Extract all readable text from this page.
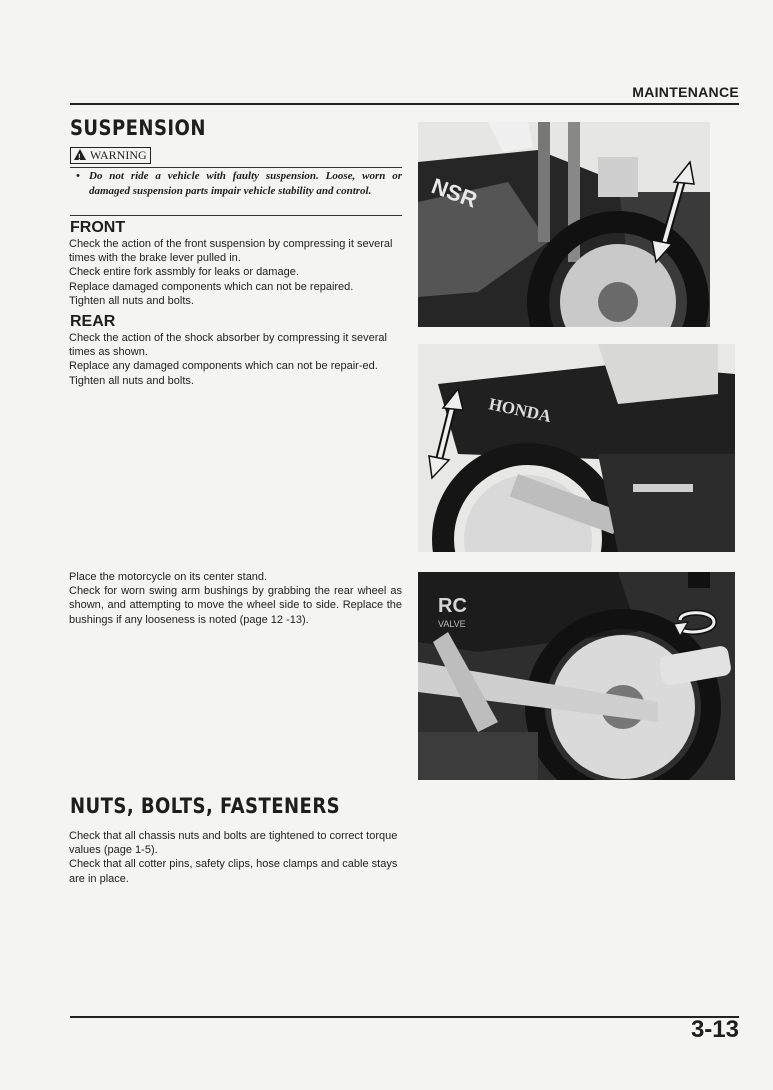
MAINTENANCE
SUSPENSION
!WARNING
• Do not ride a vehicle with faulty suspension. Loose, worn or damaged suspension parts impair vehicle stability and control.
FRONT

Check the action of the front suspension by compressing it several times with the brake lever pulled in.

Check entire fork assmbly for leaks or damage.

Replace damaged components which can not be repaired.

Tighten all nuts and bolts.

REAR

Check the action of the shock absorber by compressing it several times as shown.

Replace any damaged components which can not be repair-ed.

Tighten all nuts and bolts.

NSR
HONDA

Place the motorcycle on its center stand.

Check for worn swing arm bushings by grabbing the rear wheel as shown, and attempting to move the wheel side to side. Replace the bushings if any looseness is noted (page 12 -13).

RC
VALVE
NUTS, BOLTS, FASTENERS

Check that all chassis nuts and bolts are tightened to correct torque values (page 1-5).

Check that all cotter pins, safety clips, hose clamps and cable stays are in place.

3-13
